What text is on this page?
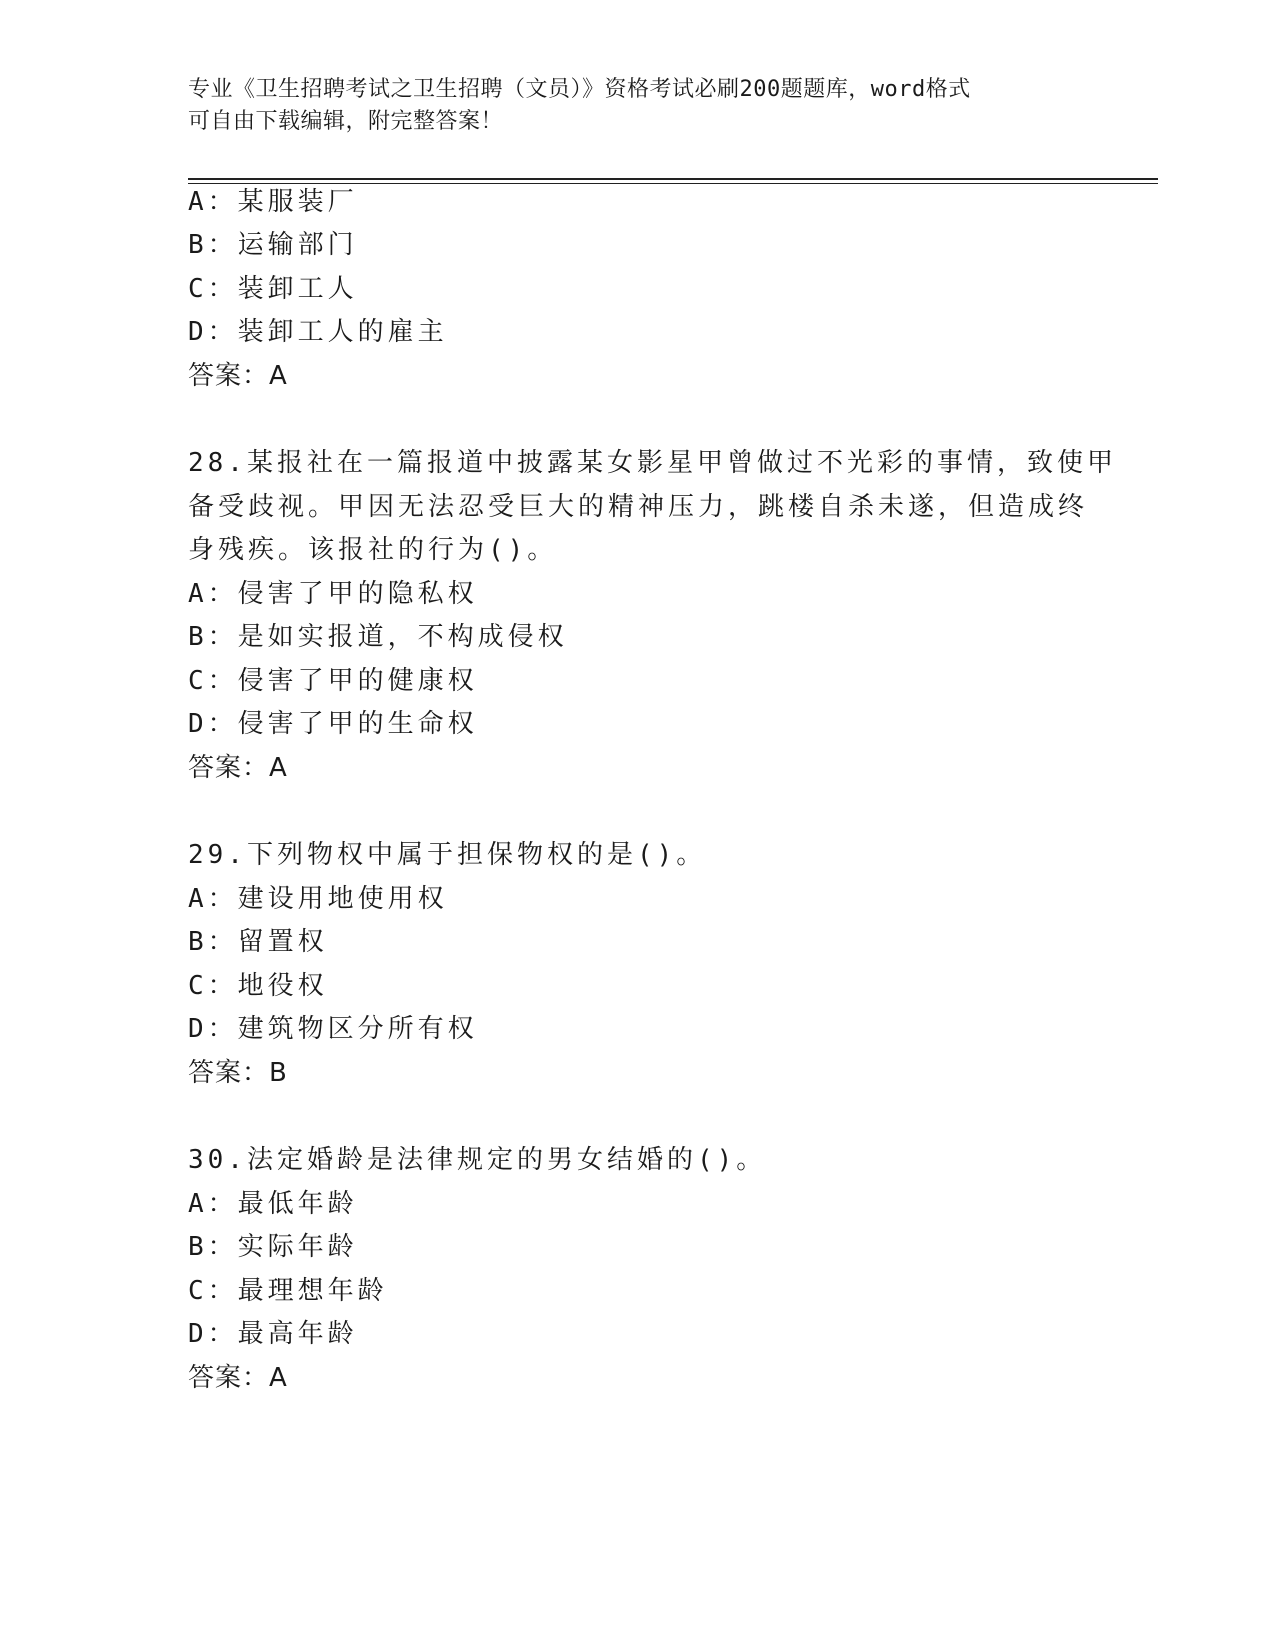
专业《卫生招聘考试之卫生招聘（文员）》资格考试必刷200题题库，word格式
可自由下载编辑，附完整答案！
A：某服装厂
B：运输部门
C：装卸工人
D：装卸工人的雇主
答案：A
28.某报社在一篇报道中披露某女影星甲曾做过不光彩的事情，致使甲
备受歧视。甲因无法忍受巨大的精神压力，跳楼自杀未遂，但造成终
身残疾。该报社的行为()。
A：侵害了甲的隐私权
B：是如实报道，不构成侵权
C：侵害了甲的健康权
D：侵害了甲的生命权
答案：A
29.下列物权中属于担保物权的是()。
A：建设用地使用权
B：留置权
C：地役权
D：建筑物区分所有权
答案：B
30.法定婚龄是法律规定的男女结婚的()。
A：最低年龄
B：实际年龄
C：最理想年龄
D：最高年龄
答案：A
